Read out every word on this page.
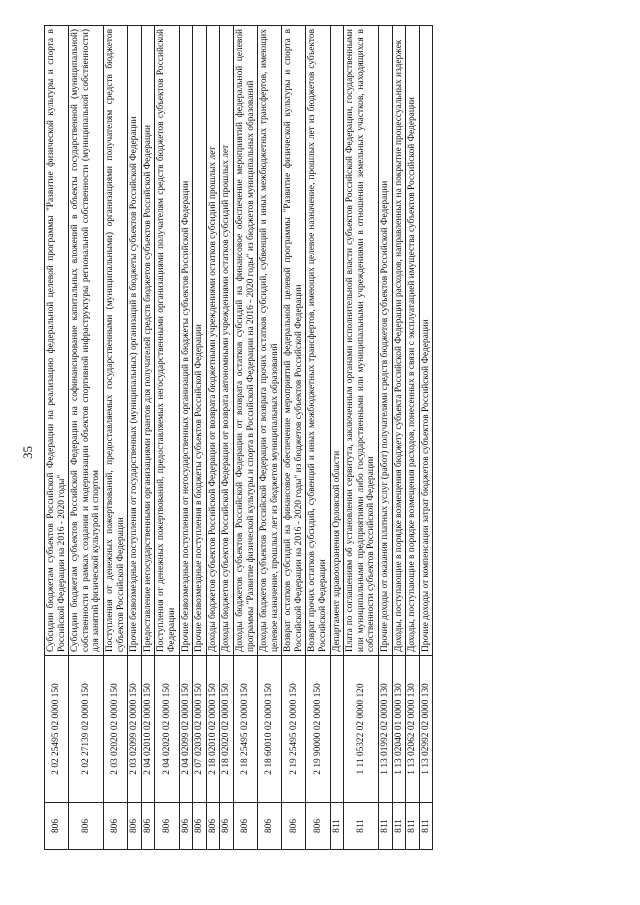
35
806	2 02 25495 02 0000 150	Субсидии бюджетам субъектов Российской Федерации на реализацию федеральной целевой программы "Развитие физической культуры и спорта в Российской Федерации на 2016 - 2020 годы"
806	2 02 27139 02 0000 150	Субсидии бюджетам субъектов Российской Федерации на софинансирование капитальных вложений в объекты государственной (муниципальной) собственности в рамках создания и модернизации объектов спортивной инфраструктуры региональной собственности (муниципальной собственности) для занятий физической культурой и спортом
806	2 03 02020 02 0000 150	Поступления от денежных пожертвований, предоставляемых государственными (муниципальными) организациями получателям средств бюджетов субъектов Российской Федерации
806	2 03 02099 02 0000 150	Прочие безвозмездные поступления от государственных (муниципальных) организаций в бюджеты субъектов Российской Федерации
806	2 04 02010 02 0000 150	Предоставление негосударственными организациями грантов для получателей средств бюджетов субъектов Российской Федерации
806	2 04 02020 02 0000 150	Поступления от денежных пожертвований, предоставляемых негосударственными организациями получателям средств бюджетов субъектов Российской Федерации
806	2 04 02099 02 0000 150	Прочие безвозмездные поступления от негосударственных организаций в бюджеты субъектов Российской Федерации
806	2 07 02030 02 0000 150	Прочие безвозмездные поступления в бюджеты субъектов Российской Федерации
806	2 18 02010 02 0000 150	Доходы бюджетов субъектов Российской Федерации от возврата бюджетными учреждениями остатков субсидий прошлых лет
806	2 18 02020 02 0000 150	Доходы бюджетов субъектов Российской Федерации от возврата автономными учреждениями остатков субсидий прошлых лет
806	2 18 25495 02 0000 150	Доходы бюджетов субъектов Российской Федерации от возврата остатков субсидий на финансовое обеспечение мероприятий федеральной целевой программы "Развитие физической культуры и спорта в Российской Федерации на 2016 - 2020 годы" из бюджетов муниципальных образований
806	2 18 60010 02 0000 150	Доходы бюджетов субъектов Российской Федерации от возврата прочих остатков субсидий, субвенций и иных межбюджетных трансфертов, имеющих целевое назначение, прошлых лет из бюджетов муниципальных образований
806	2 19 25495 02 0000 150	Возврат остатков субсидий на финансовое обеспечение мероприятий федеральной целевой программы "Развитие физической культуры и спорта в Российской Федерации на 2016 - 2020 годы" из бюджетов субъектов Российской Федерации
806	2 19 90000 02 0000 150	Возврат прочих остатков субсидий, субвенций и иных межбюджетных трансфертов, имеющих целевое назначение, прошлых лет из бюджетов субъектов Российской Федерации
811		Департамент здравоохранения Орловской области
811	1 11 05322 02 0000 120	Плата по соглашениям об установлении сервитута, заключенным органами исполнительной власти субъектов Российской Федерации, государственными или муниципальными предприятиями либо государственными или муниципальными учреждениями в отношении земельных участков, находящихся в собственности субъектов Российской Федерации
811	1 13 01992 02 0000 130	Прочие доходы от оказания платных услуг (работ) получателями средств бюджетов субъектов Российской Федерации
811	1 13 02040 01 0000 130	Доходы, поступающие в порядке возмещения бюджету субъекта Российской Федерации расходов, направленных на покрытие процессуальных издержек
811	1 13 02062 02 0000 130	Доходы, поступающие в порядке возмещения расходов, понесенных в связи с эксплуатацией имущества субъектов Российской Федерации
811	1 13 02992 02 0000 130	Прочие доходы от компенсации затрат бюджетов субъектов Российской Федерации
